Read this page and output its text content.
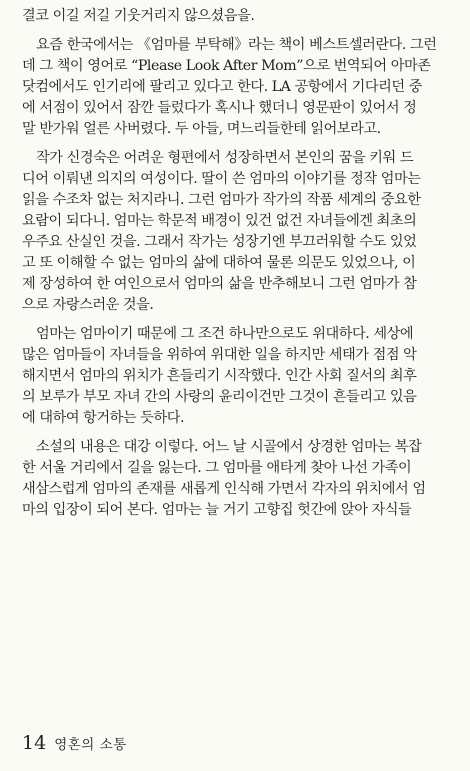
결코 이길 저길 기웃거리지 않으셨음을.
요즘 한국에서는 《엄마를 부탁해》라는 책이 베스트셀러란다. 그런
데 그 책이 영어로 “Please Look After Mom”으로 번역되어 아마존
닷컴에서도 인기리에 팔리고 있다고 한다. LA 공항에서 기다리던 중
에 서점이 있어서 잠깐 들렀다가 혹시나 했더니 영문판이 있어서 정
말 반가워 얼른 사버렸다. 두 아들, 며느리들한테 읽어보라고.
작가 신경숙은 어려운 형편에서 성장하면서 본인의 꿈을 키워 드
디어 이뤄낸 의지의 여성이다. 딸이 쓴 엄마의 이야기를 정작 엄마는
읽을 수조차 없는 처지라니. 그런 엄마가 작가의 작품 세계의 중요한
요람이 되다니. 엄마는 학문적 배경이 있건 없건 자녀들에겐 최초의
우주요 산실인 것을. 그래서 작가는 성장기엔 부끄러워할 수도 있었
고 또 이해할 수 없는 엄마의 삶에 대하여 물론 의문도 있었으나, 이
제 장성하여 한 여인으로서 엄마의 삶을 반추해보니 그런 엄마가 참
으로 자랑스러운 것을.
엄마는 엄마이기 때문에 그 조건 하나만으로도 위대하다. 세상에
많은 엄마들이 자녀들을 위하여 위대한 일을 하지만 세태가 점점 악
해지면서 엄마의 위치가 흔들리기 시작했다. 인간 사회 질서의 최후
의 보루가 부모 자녀 간의 사랑의 윤리이건만 그것이 흔들리고 있음
에 대하여 항거하는 듯하다.
소설의 내용은 대강 이렇다. 어느 날 시골에서 상경한 엄마는 복잡
한 서울 거리에서 길을 잃는다. 그 엄마를 애타게 찾아 나선 가족이
새삼스럽게 엄마의 존재를 새롭게 인식해 가면서 각자의 위치에서 엄
마의 입장이 되어 본다. 엄마는 늘 거기 고향집 헛간에 앉아 자식들
14 영혼의 소통
